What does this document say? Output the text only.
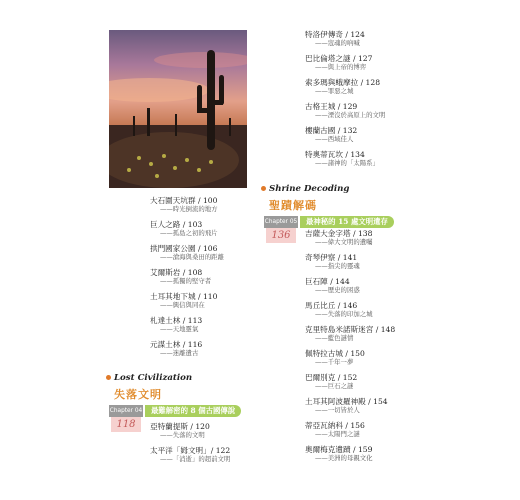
大石圍天坑群 / 100
——時光倒流的地方
巨人之路 / 103
——孤島之初的飛片
拱門國家公園 / 106
——滄海與桑田的距離
艾爾斯岩 / 108
——孤獨的堅守者
土耳其地下城 / 110
——興信與同在
札達土林 / 113
——天地靈氣
元謀土林 / 116
——迷離遺古
Lost Civilization
失落文明
Chapter 04	最難解密的 8 個古國傳說
118	亞特蘭提斯 / 120
——失落的文明
太平洋「姆文明」/ 122
——「消逝」的超前文明
特洛伊傳奇 / 124
——寇魂的吶喊
巴比倫塔之謎 / 127
——與上帝的博弈
索多瑪與蛾摩拉 / 128
——罪惡之城
古格王城 / 129
——湮沒於高原上的文明
樓蘭古國 / 132
——西域佳人
特奧蒂瓦坎 / 134
——諸神的「太陽系」
Shrine Decoding
聖蹟解碼
Chapter 05	最神秘的 15 處文明遺存
136	吉薩大金字塔 / 138
——偉大文明的遺囑
奇琴伊察 / 141
——指尖的靈魂
巨石陣 / 144
——歷史的困惑
馬丘比丘 / 146
——失落的印加之城
克里特島米諾斯迷宮 / 148
——藍色謎情
佩特拉古城 / 150
——千年一夢
巴爾別克 / 152
——巨石之謎
土耳其阿波羅神殿 / 154
——一切皆於人
蒂亞瓦納科 / 156
——太陽門之謎
奧爾梅克遺蹟 / 159
——美洲的母親文化
